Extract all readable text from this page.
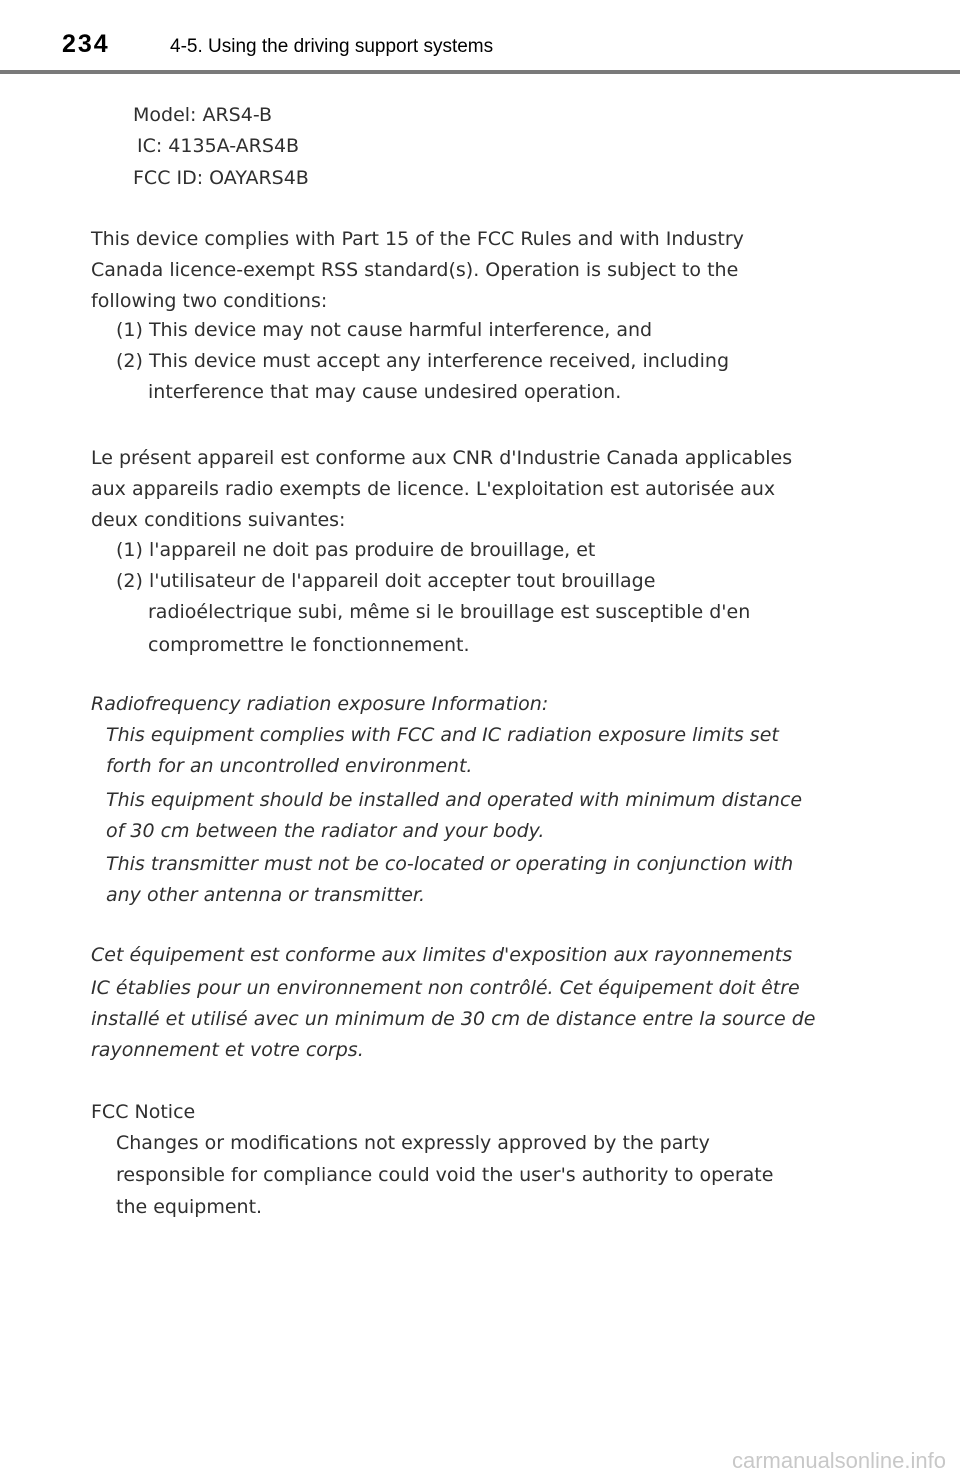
234	4-5. Using the driving support systems
Model: ARS4-B
IC: 4135A-ARS4B
FCC ID: OAYARS4B
This device complies with Part 15 of the FCC Rules and with Industry
Canada licence-exempt RSS standard(s). Operation is subject to the
following two conditions:
(1) This device may not cause harmful interference, and
(2) This device must accept any interference received, including
interference that may cause undesired operation.
Le présent appareil est conforme aux CNR d'Industrie Canada applicables
aux appareils radio exempts de licence. L'exploitation est autorisée aux
deux conditions suivantes:
(1) l'appareil ne doit pas produire de brouillage, et
(2) l'utilisateur de l'appareil doit accepter tout brouillage
radioélectrique subi, même si le brouillage est susceptible d'en
compromettre le fonctionnement.
Radiofrequency radiation exposure Information:
This equipment complies with FCC and IC radiation exposure limits set
forth for an uncontrolled environment.
This equipment should be installed and operated with minimum distance
of 30 cm between the radiator and your body.
This transmitter must not be co-located or operating in conjunction with
any other antenna or transmitter.
Cet équipement est conforme aux limites d'exposition aux rayonnements
IC établies pour un environnement non contrôlé. Cet équipement doit être
installé et utilisé avec un minimum de 30 cm de distance entre la source de
rayonnement et votre corps.
FCC Notice
Changes or modifications not expressly approved by the party
responsible for compliance could void the user's authority to operate
the equipment.
carmanualsonline.info
